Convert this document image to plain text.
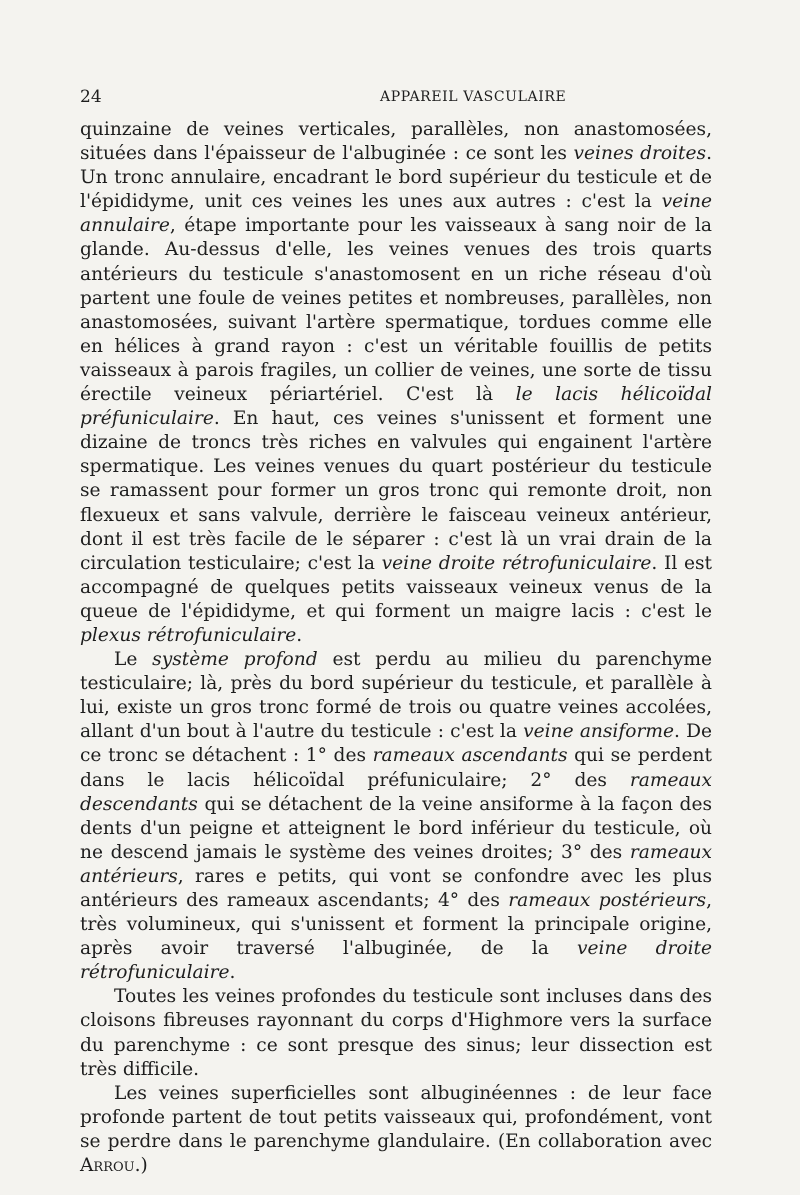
24	APPAREIL VASCULAIRE

quinzaine de veines verticales, parallèles, non anastomosées, situées dans l'épaisseur de l'albuginée : ce sont les veines droites. Un tronc annulaire, encadrant le bord supérieur du testicule et de l'épididyme, unit ces veines les unes aux autres : c'est la veine annulaire, étape importante pour les vaisseaux à sang noir de la glande. Au-dessus d'elle, les veines venues des trois quarts antérieurs du testicule s'anastomosent en un riche réseau d'où partent une foule de veines petites et nombreuses, parallèles, non anastomosées, suivant l'artère spermatique, tordues comme elle en hélices à grand rayon : c'est un véritable fouillis de petits vaisseaux à parois fragiles, un collier de veines, une sorte de tissu érectile veineux périartériel. C'est là le lacis hélicoïdal préfuniculaire. En haut, ces veines s'unissent et forment une dizaine de troncs très riches en valvules qui engainent l'artère spermatique. Les veines venues du quart postérieur du testicule se ramassent pour former un gros tronc qui remonte droit, non flexueux et sans valvule, derrière le faisceau veineux antérieur, dont il est très facile de le séparer : c'est là un vrai drain de la circulation testiculaire; c'est la veine droite rétrofuniculaire. Il est accompagné de quelques petits vaisseaux veineux venus de la queue de l'épididyme, et qui forment un maigre lacis : c'est le plexus rétrofuniculaire.

Le système profond est perdu au milieu du parenchyme testiculaire; là, près du bord supérieur du testicule, et parallèle à lui, existe un gros tronc formé de trois ou quatre veines accolées, allant d'un bout à l'autre du testicule : c'est la veine ansiforme. De ce tronc se détachent : 1° des rameaux ascendants qui se perdent dans le lacis hélicoïdal préfuniculaire; 2° des rameaux descendants qui se détachent de la veine ansiforme à la façon des dents d'un peigne et atteignent le bord inférieur du testicule, où ne descend jamais le système des veines droites; 3° des rameaux antérieurs, rares e petits, qui vont se confondre avec les plus antérieurs des rameaux ascendants; 4° des rameaux postérieurs, très volumineux, qui s'unissent et forment la principale origine, après avoir traversé l'albuginée, de la veine droite rétrofuniculaire.

Toutes les veines profondes du testicule sont incluses dans des cloisons fibreuses rayonnant du corps d'Highmore vers la surface du parenchyme : ce sont presque des sinus; leur dissection est très difficile.

Les veines superficielles sont albuginéennes : de leur face profonde partent de tout petits vaisseaux qui, profondément, vont se perdre dans le parenchyme glandulaire. (En collaboration avec Arrou.)
